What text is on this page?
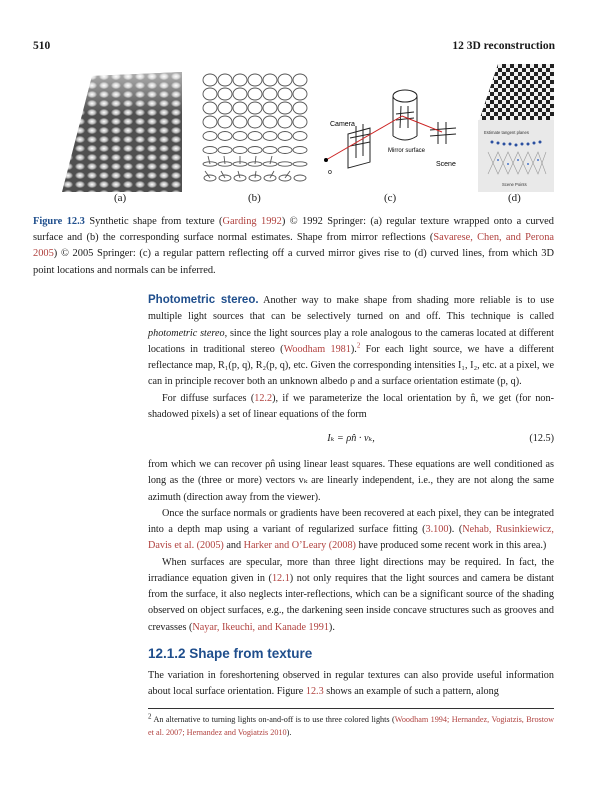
510	12 3D reconstruction
Camera
Mirror surface
Scene
o
Estimate tangent planes
Scene Points
(a)	(b)	(c)	(d)
Figure 12.3 Synthetic shape from texture (Garding 1992) © 1992 Springer: (a) regular texture wrapped onto a curved surface and (b) the corresponding surface normal estimates. Shape from mirror reflections (Savarese, Chen, and Perona 2005) © 2005 Springer: (c) a regular pattern reflecting off a curved mirror gives rise to (d) curved lines, from which 3D point locations and normals can be inferred.

Photometric stereo. Another way to make shape from shading more reliable is to use multiple light sources that can be selectively turned on and off. This technique is called photometric stereo, since the light sources play a role analogous to the cameras located at different locations in traditional stereo (Woodham 1981).$^2$ For each light source, we have a different reflectance map, R₁(p, q), R₂(p, q), etc. Given the corresponding intensities I₁, I₂, etc. at a pixel, we can in principle recover both an unknown albedo ρ and a surface orientation estimate (p, q).

For diffuse surfaces (12.2), if we parameterize the local orientation by n̂, we get (for non-shadowed pixels) a set of linear equations of the form

Iₖ = ρn̂ · vₖ,	(12.5)

from which we can recover ρn̂ using linear least squares. These equations are well conditioned as long as the (three or more) vectors vₖ are linearly independent, i.e., they are not along the same azimuth (direction away from the viewer).

Once the surface normals or gradients have been recovered at each pixel, they can be integrated into a depth map using a variant of regularized surface fitting (3.100). (Nehab, Rusinkiewicz, Davis et al. (2005) and Harker and O’Leary (2008) have produced some recent work in this area.)

When surfaces are specular, more than three light directions may be required. In fact, the irradiance equation given in (12.1) not only requires that the light sources and camera be distant from the surface, it also neglects inter-reflections, which can be a significant source of the shading observed on object surfaces, e.g., the darkening seen inside concave structures such as grooves and crevasses (Nayar, Ikeuchi, and Kanade 1991).

12.1.2 Shape from texture

The variation in foreshortening observed in regular textures can also provide useful information about local surface orientation. Figure 12.3 shows an example of such a pattern, along

$^2$ An alternative to turning lights on-and-off is to use three colored lights (Woodham 1994; Hernandez, Vogiatzis, Brostow et al. 2007; Hernandez and Vogiatzis 2010).
